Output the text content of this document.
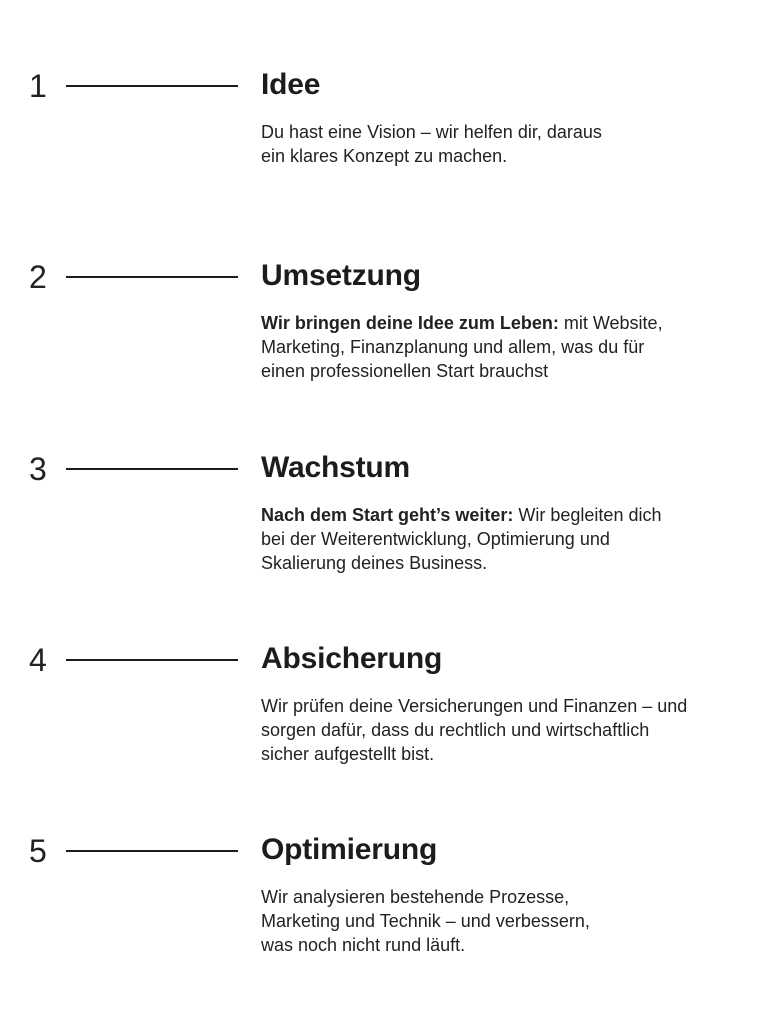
1	Idee

Du hast eine Vision – wir helfen dir, daraus
ein klares Konzept zu machen.

2	Umsetzung

Wir bringen deine Idee zum Leben: mit Website,
Marketing, Finanzplanung und allem, was du für
einen professionellen Start brauchst

3	Wachstum

Nach dem Start geht’s weiter: Wir begleiten dich
bei der Weiterentwicklung, Optimierung und
Skalierung deines Business.

4	Absicherung

Wir prüfen deine Versicherungen und Finanzen – und
sorgen dafür, dass du rechtlich und wirtschaftlich
sicher aufgestellt bist.

5	Optimierung

Wir analysieren bestehende Prozesse,
Marketing und Technik – und verbessern,
was noch nicht rund läuft.
